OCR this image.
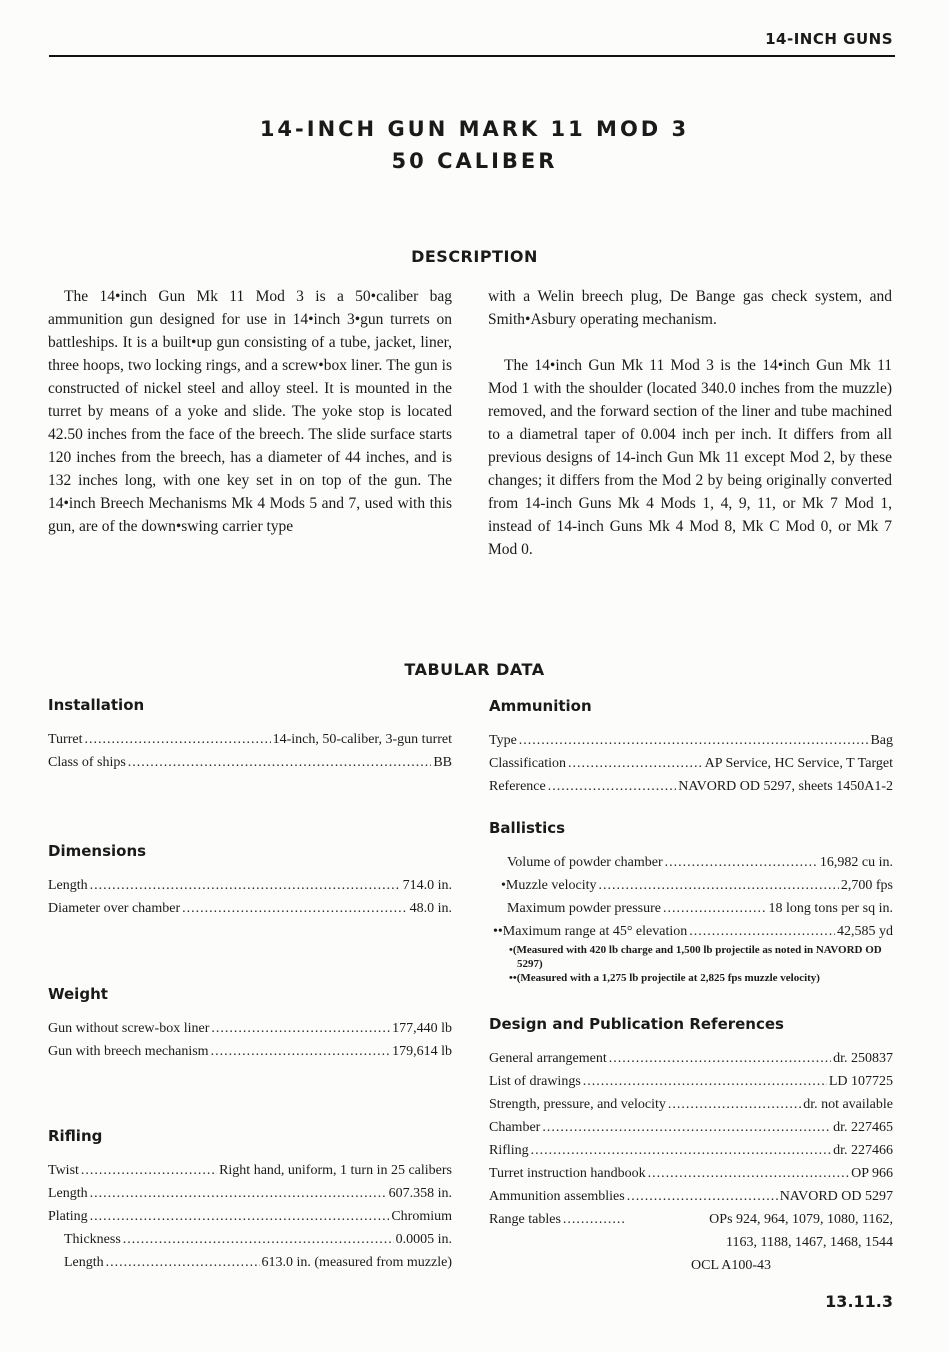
14-INCH GUNS
14-INCH GUN MARK 11 MOD 3
50 CALIBER
DESCRIPTION

The 14•inch Gun Mk 11 Mod 3 is a 50•caliber bag ammunition gun designed for use in 14•inch 3•gun turrets on battleships. It is a built•up gun consisting of a tube, jacket, liner, three hoops, two locking rings, and a screw•box liner. The gun is constructed of nickel steel and alloy steel. It is mounted in the turret by means of a yoke and slide. The yoke stop is located 42.50 inches from the face of the breech. The slide surface starts 120 inches from the breech, has a diameter of 44 inches, and is 132 inches long, with one key set in on top of the gun. The 14•inch Breech Mechanisms Mk 4 Mods 5 and 7, used with this gun, are of the down•swing carrier type

with a Welin breech plug, De Bange gas check system, and Smith•Asbury operating mechanism.

The 14•inch Gun Mk 11 Mod 3 is the 14•inch Gun Mk 11 Mod 1 with the shoulder (located 340.0 inches from the muzzle) removed, and the forward section of the liner and tube machined to a diametral taper of 0.004 inch per inch. It differs from all previous designs of 14-inch Gun Mk 11 except Mod 2, by these changes; it differs from the Mod 2 by being originally converted from 14-inch Guns Mk 4 Mods 1, 4, 9, 11, or Mk 7 Mod 1, instead of 14-inch Guns Mk 4 Mod 8, Mk C Mod 0, or Mk 7 Mod 0.

TABULAR DATA
Installation
Turret .....	14-inch, 50-caliber, 3-gun turret
Class of ships .....	BB
Dimensions
Length .....	714.0 in.
Diameter over chamber .....	48.0 in.
Weight
Gun without screw-box liner .....	177,440 lb
Gun with breech mechanism .....	179,614 lb
Rifling
Twist .....	Right hand, uniform, 1 turn in 25 calibers
Length .....	607.358 in.
Plating .....	Chromium
Thickness .....	0.0005 in.
Length .....	613.0 in. (measured from muzzle)
Ammunition
Type .....	Bag
Classification .....	AP Service, HC Service, T Target
Reference .....	NAVORD OD 5297, sheets 1450A1-2
Ballistics
Volume of powder chamber .....	16,982 cu in.
•Muzzle velocity .....	2,700 fps
Maximum powder pressure .....	18 long tons per sq in.
••Maximum range at 45° elevation .....	42,585 yd
•(Measured with 420 lb charge and 1,500 lb projectile as noted in NAVORD OD 5297)
••(Measured with a 1,275 lb projectile at 2,825 fps muzzle velocity)
Design and Publication References
General arrangement .....	dr. 250837
List of drawings .....	LD 107725
Strength, pressure, and velocity .....	dr. not available
Chamber .....	dr. 227465
Rifling .....	dr. 227466
Turret instruction handbook .....	OP 966
Ammunition assemblies .....	NAVORD OD 5297
Range tables .....	OPs 924, 964, 1079, 1080, 1162,
1163, 1188, 1467, 1468, 1544
OCL A100-43
13.11.3
